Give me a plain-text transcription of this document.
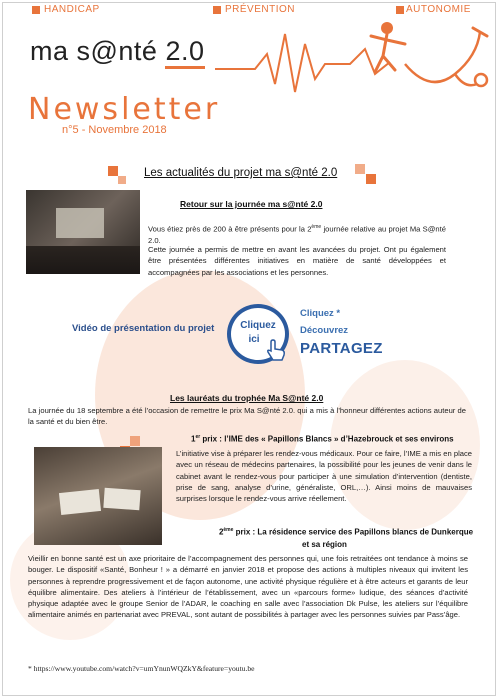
HANDICAP	PRÉVENTION	AUTONOMIE
ma s@nté 2.0
Newsletter
n°5 - Novembre 2018
Les actualités du projet ma s@nté 2.0
Retour sur la journée ma s@nté 2.0
Vous étiez près de 200 à être présents pour la 2ème journée relative au projet Ma S@nté 2.0.
Cette journée a permis de mettre en avant les avancées du projet. Ont pu également être présentées différentes initiatives en matière de santé développées et accompagnées par les associations et les personnes.
Vidéo de présentation du projet	Cliquez
ici
Cliquez *
Découvrez
PARTAGEZ
Les lauréats du trophée Ma S@nté 2.0
La journée du 18 septembre a été l’occasion de remettre le prix Ma S@nté 2.0. qui a mis à l’honneur différentes actions auteur de la santé et du bien être.
1er prix : l’IME des « Papillons Blancs » d’Hazebrouck et ses environs
L’initiative vise à préparer les rendez-vous médicaux. Pour ce faire, l’IME a mis en place avec un réseau de médecins partenaires, la possibilité pour les jeunes de venir dans le cabinet avant le rendez-vous pour participer à une simulation d’intervention (dentiste, prise de sang, analyse d’urine, généraliste, ORL,…). Ainsi moins de mauvaises surprises lorsque le rendez-vous arrive réellement.
2ème prix : La résidence service des Papillons blancs de Dunkerque
et sa région
Vieillir en bonne santé est un axe prioritaire de l’accompagnement des personnes qui, une fois retraitées ont tendance à moins se bouger. Le dispositif «Santé, Bonheur ! » a démarré en janvier 2018 et propose des actions à multiples niveaux qui invitent les personnes à reprendre progressivement et de façon autonome, une activité physique régulière et à être acteurs et garants de leur équilibre alimentaire. Des ateliers à l’intérieur de l’établissement, avec un «parcours forme» ludique, des séances d’activité physique adaptée avec le groupe Senior de l’ADAR, le coaching en salle avec l’association Dk Pulse, les ateliers sur l’équilibre alimentaire animés en partenariat avec PREVAL, sont autant de possibilités à partager avec les personnes suivies par Pass’âge.
* https://www.youtube.com/watch?v=umYnunWQZkY&feature=youtu.be
